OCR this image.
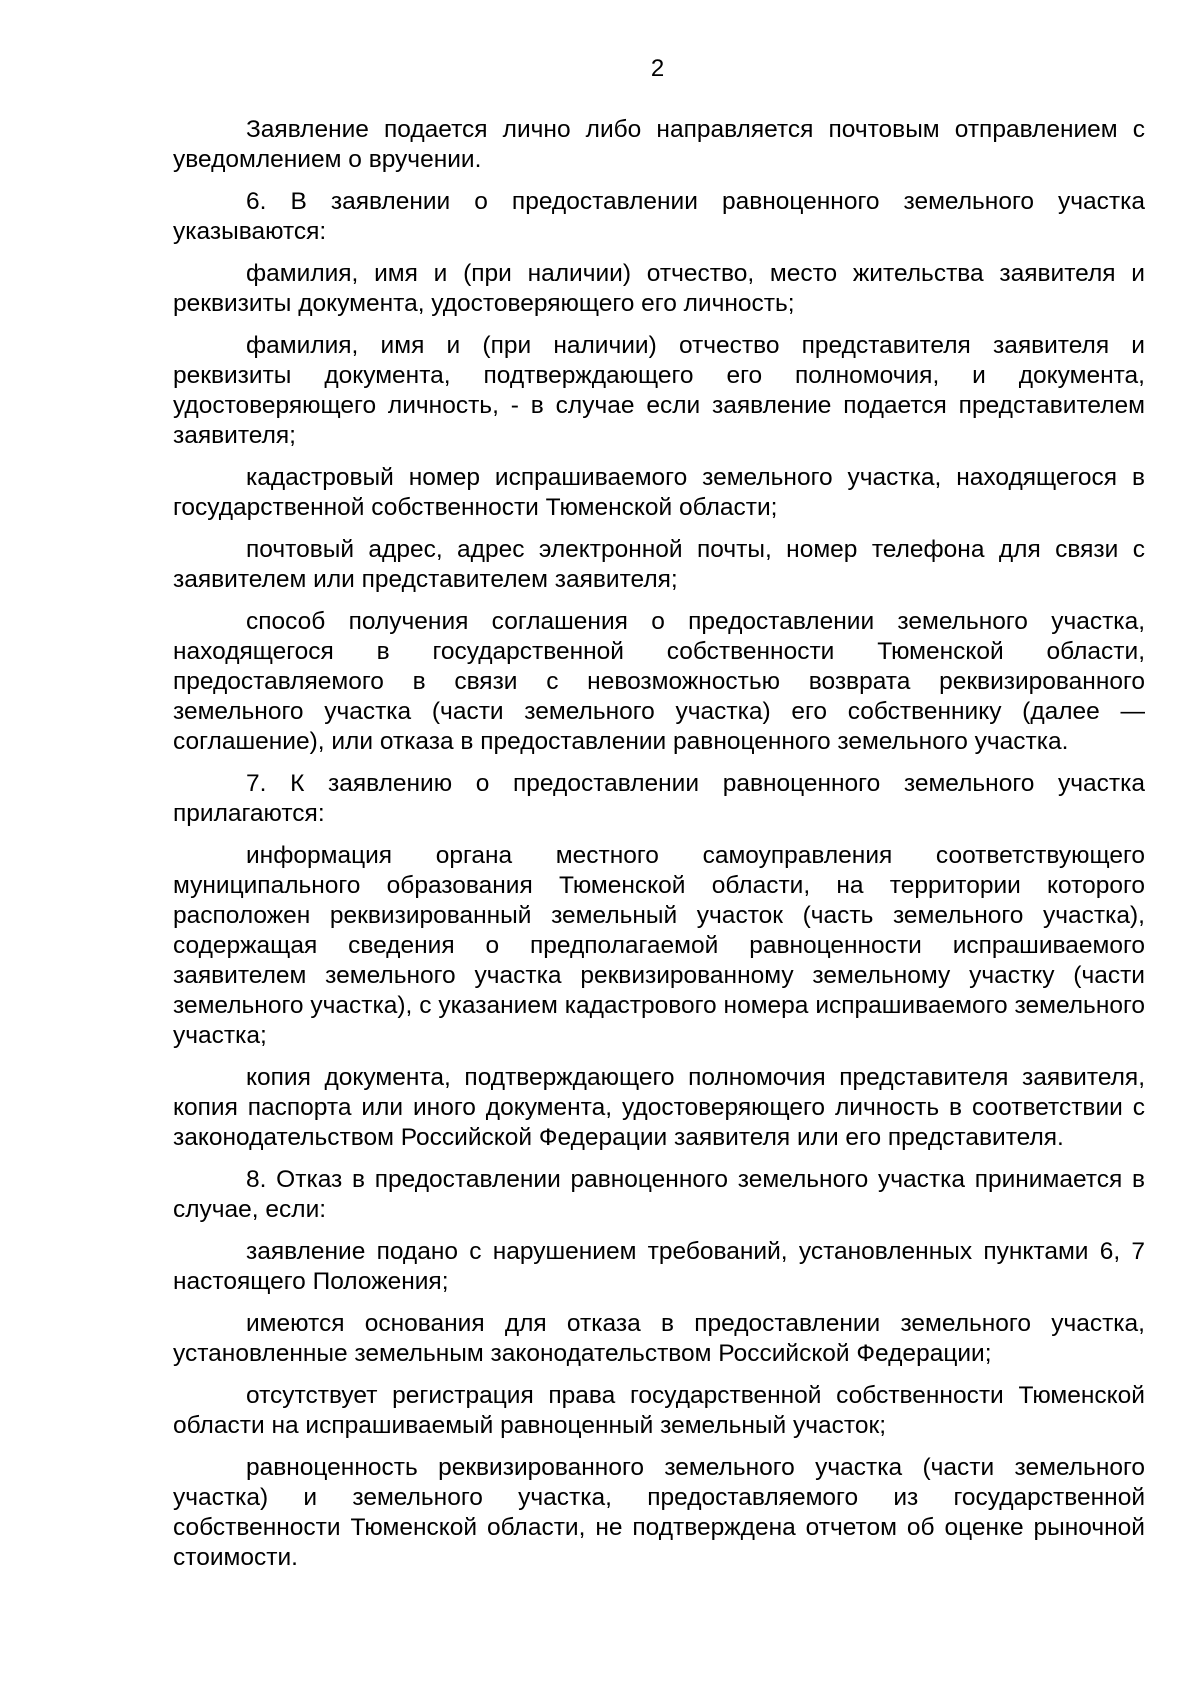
2

Заявление подается лично либо направляется почтовым отправлением с уведомлением о вручении.

6. В заявлении о предоставлении равноценного земельного участка указываются:

фамилия, имя и (при наличии) отчество, место жительства заявителя и реквизиты документа, удостоверяющего его личность;

фамилия, имя и (при наличии) отчество представителя заявителя и реквизиты документа, подтверждающего его полномочия, и документа, удостоверяющего личность, - в случае если заявление подается представителем заявителя;

кадастровый номер испрашиваемого земельного участка, находящегося в государственной собственности Тюменской области;

почтовый адрес, адрес электронной почты, номер телефона для связи с заявителем или представителем заявителя;

способ получения соглашения о предоставлении земельного участка, находящегося в государственной собственности Тюменской области, предоставляемого в связи с невозможностью возврата реквизированного земельного участка (части земельного участка) его собственнику (далее — соглашение), или отказа в предоставлении равноценного земельного участка.

7. К заявлению о предоставлении равноценного земельного участка прилагаются:

информация органа местного самоуправления соответствующего муниципального образования Тюменской области, на территории которого расположен реквизированный земельный участок (часть земельного участка), содержащая сведения о предполагаемой равноценности испрашиваемого заявителем земельного участка реквизированному земельному участку (части земельного участка), с указанием кадастрового номера испрашиваемого земельного участка;

копия документа, подтверждающего полномочия представителя заявителя, копия паспорта или иного документа, удостоверяющего личность в соответствии с законодательством Российской Федерации заявителя или его представителя.

8. Отказ в предоставлении равноценного земельного участка принимается в случае, если:

заявление подано с нарушением требований, установленных пунктами 6, 7 настоящего Положения;

имеются основания для отказа в предоставлении земельного участка, установленные земельным законодательством Российской Федерации;

отсутствует регистрация права государственной собственности Тюменской области на испрашиваемый равноценный земельный участок;

равноценность реквизированного земельного участка (части земельного участка) и земельного участка, предоставляемого из государственной собственности Тюменской области, не подтверждена отчетом об оценке рыночной стоимости.
